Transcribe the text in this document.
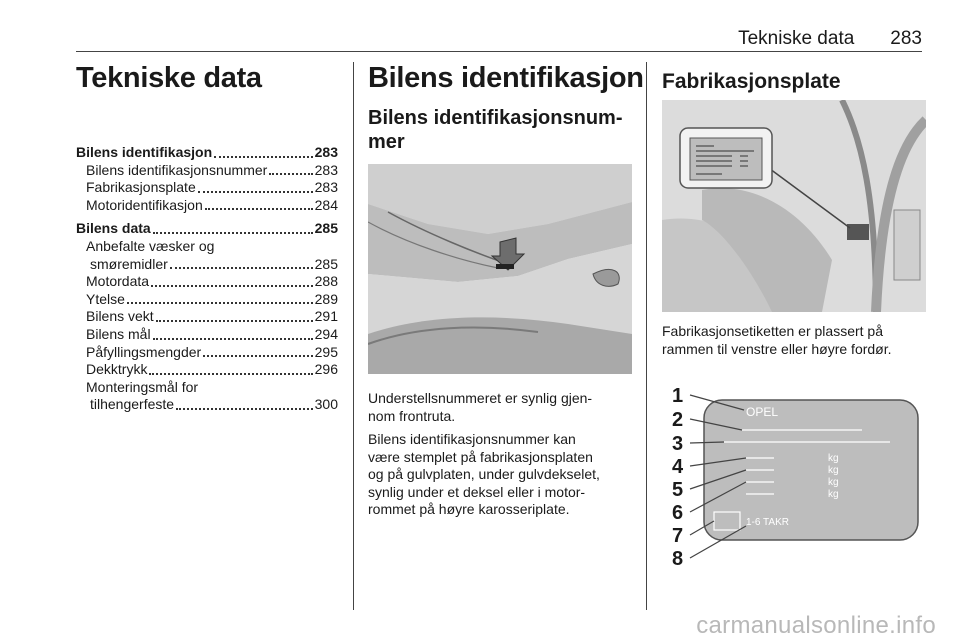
Tekniske data 283
Tekniske data
Bilens identifikasjon	283
Bilens identifikasjonsnummer	283
Fabrikasjonsplate	283
Motoridentifikasjon	284
Bilens data	285
Anbefalte væsker og
smøremidler	285
Motordata	288
Ytelse	289
Bilens vekt	291
Bilens mål	294
Påfyllingsmengder	295
Dekktrykk	296
Monteringsmål for
tilhengerfeste	300
Bilens identifikasjon
Bilens identifikasjonsnum-
mer

Understellsnummeret er synlig gjen-
nom frontruta.

Bilens identifikasjonsnummer kan
være stemplet på fabrikasjonsplaten
og på gulvplaten, under gulvdekselet,
synlig under et deksel eller i motor-
rommet på høyre karosseriplate.

Fabrikasjonsplate

Fabrikasjonsetiketten er plassert på
rammen til venstre eller høyre fordør.

OPEL
kg
kg
kg
kg
1-6 TAKR
1
2
3
4
5
6
7
8
carmanualsonline.info
